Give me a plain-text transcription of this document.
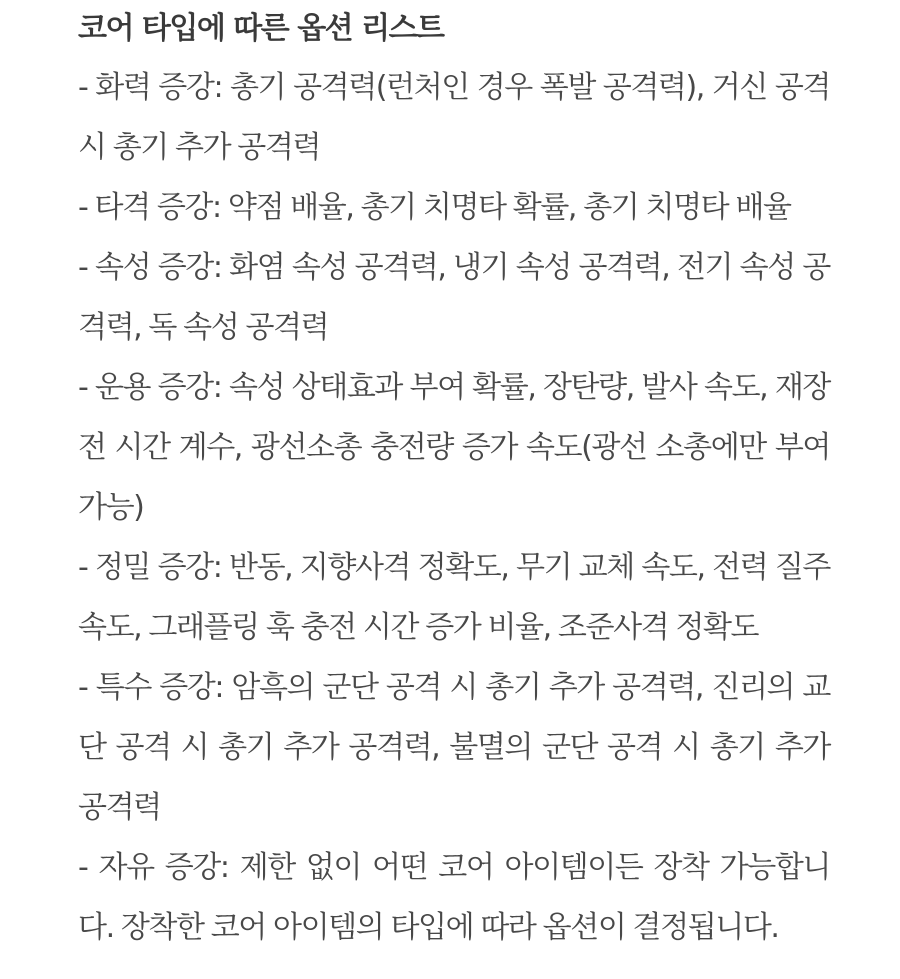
코어 타입에 따른 옵션 리스트

- 화력 증강: 총기 공격력(런처인 경우 폭발 공격력), 거신 공격 시 총기 추가 공격력

- 타격 증강: 약점 배율, 총기 치명타 확률, 총기 치명타 배율

- 속성 증강: 화염 속성 공격력, 냉기 속성 공격력, 전기 속성 공격력, 독 속성 공격력

- 운용 증강: 속성 상태효과 부여 확률, 장탄량, 발사 속도, 재장전 시간 계수, 광선소총 충전량 증가 속도(광선 소총에만 부여 가능)

- 정밀 증강: 반동, 지향사격 정확도, 무기 교체 속도, 전력 질주 속도, 그래플링 훅 충전 시간 증가 비율, 조준사격 정확도

- 특수 증강: 암흑의 군단 공격 시 총기 추가 공격력, 진리의 교단 공격 시 총기 추가 공격력, 불멸의 군단 공격 시 총기 추가 공격력

- 자유 증강: 제한 없이 어떤 코어 아이템이든 장착 가능합니다. 장착한 코어 아이템의 타입에 따라 옵션이 결정됩니다.
